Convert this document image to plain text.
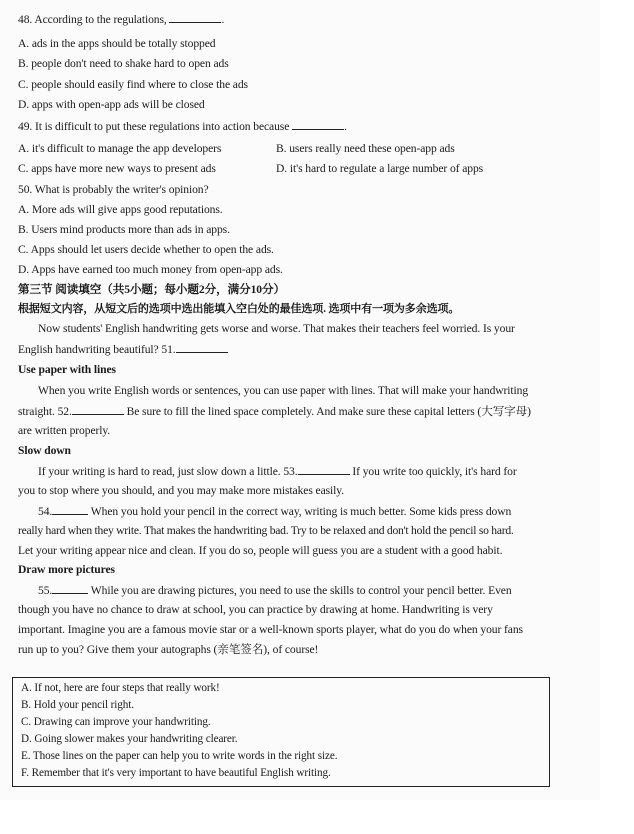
48. According to the regulations,	.
A. ads in the apps should be totally stopped
B. people don't need to shake hard to open ads
C. people should easily find where to close the ads
D. apps with open-app ads will be closed
49. It is difficult to put these regulations into action because	.
A. it's difficult to manage the app developers	B. users really need these open-app ads
C. apps have more new ways to present ads	D. it's hard to regulate a large number of apps
50. What is probably the writer's opinion?
A. More ads will give apps good reputations.
B. Users mind products more than ads in apps.
C. Apps should let users decide whether to open the ads.
D. Apps have earned too much money from open-app ads.
第三节 阅读填空（共5小题；每小题2分，满分10分）
根据短文内容，从短文后的选项中选出能填入空白处的最佳选项. 选项中有一项为多余选项。
Now students' English handwriting gets worse and worse. That makes their teachers feel worried. Is your
English handwriting beautiful? 51.
Use paper with lines
When you write English words or sentences, you can use paper with lines. That will make your handwriting
straight. 52.	Be sure to fill the lined space completely. And make sure these capital letters (大写字母)
are written properly.
Slow down
If your writing is hard to read, just slow down a little. 53.	If you write too quickly, it's hard for
you to stop where you should, and you may make more mistakes easily.
54.	When you hold your pencil in the correct way, writing is much better. Some kids press down
really hard when they write. That makes the handwriting bad. Try to be relaxed and don't hold the pencil so hard.
Let your writing appear nice and clean. If you do so, people will guess you are a student with a good habit.
Draw more pictures
55.	While you are drawing pictures, you need to use the skills to control your pencil better. Even
though you have no chance to draw at school, you can practice by drawing at home. Handwriting is very
important. Imagine you are a famous movie star or a well-known sports player, what do you do when your fans
run up to you? Give them your autographs (亲笔签名), of course!
A. If not, here are four steps that really work!
B. Hold your pencil right.
C. Drawing can improve your handwriting.
D. Going slower makes your handwriting clearer.
E. Those lines on the paper can help you to write words in the right size.
F. Remember that it's very important to have beautiful English writing.
